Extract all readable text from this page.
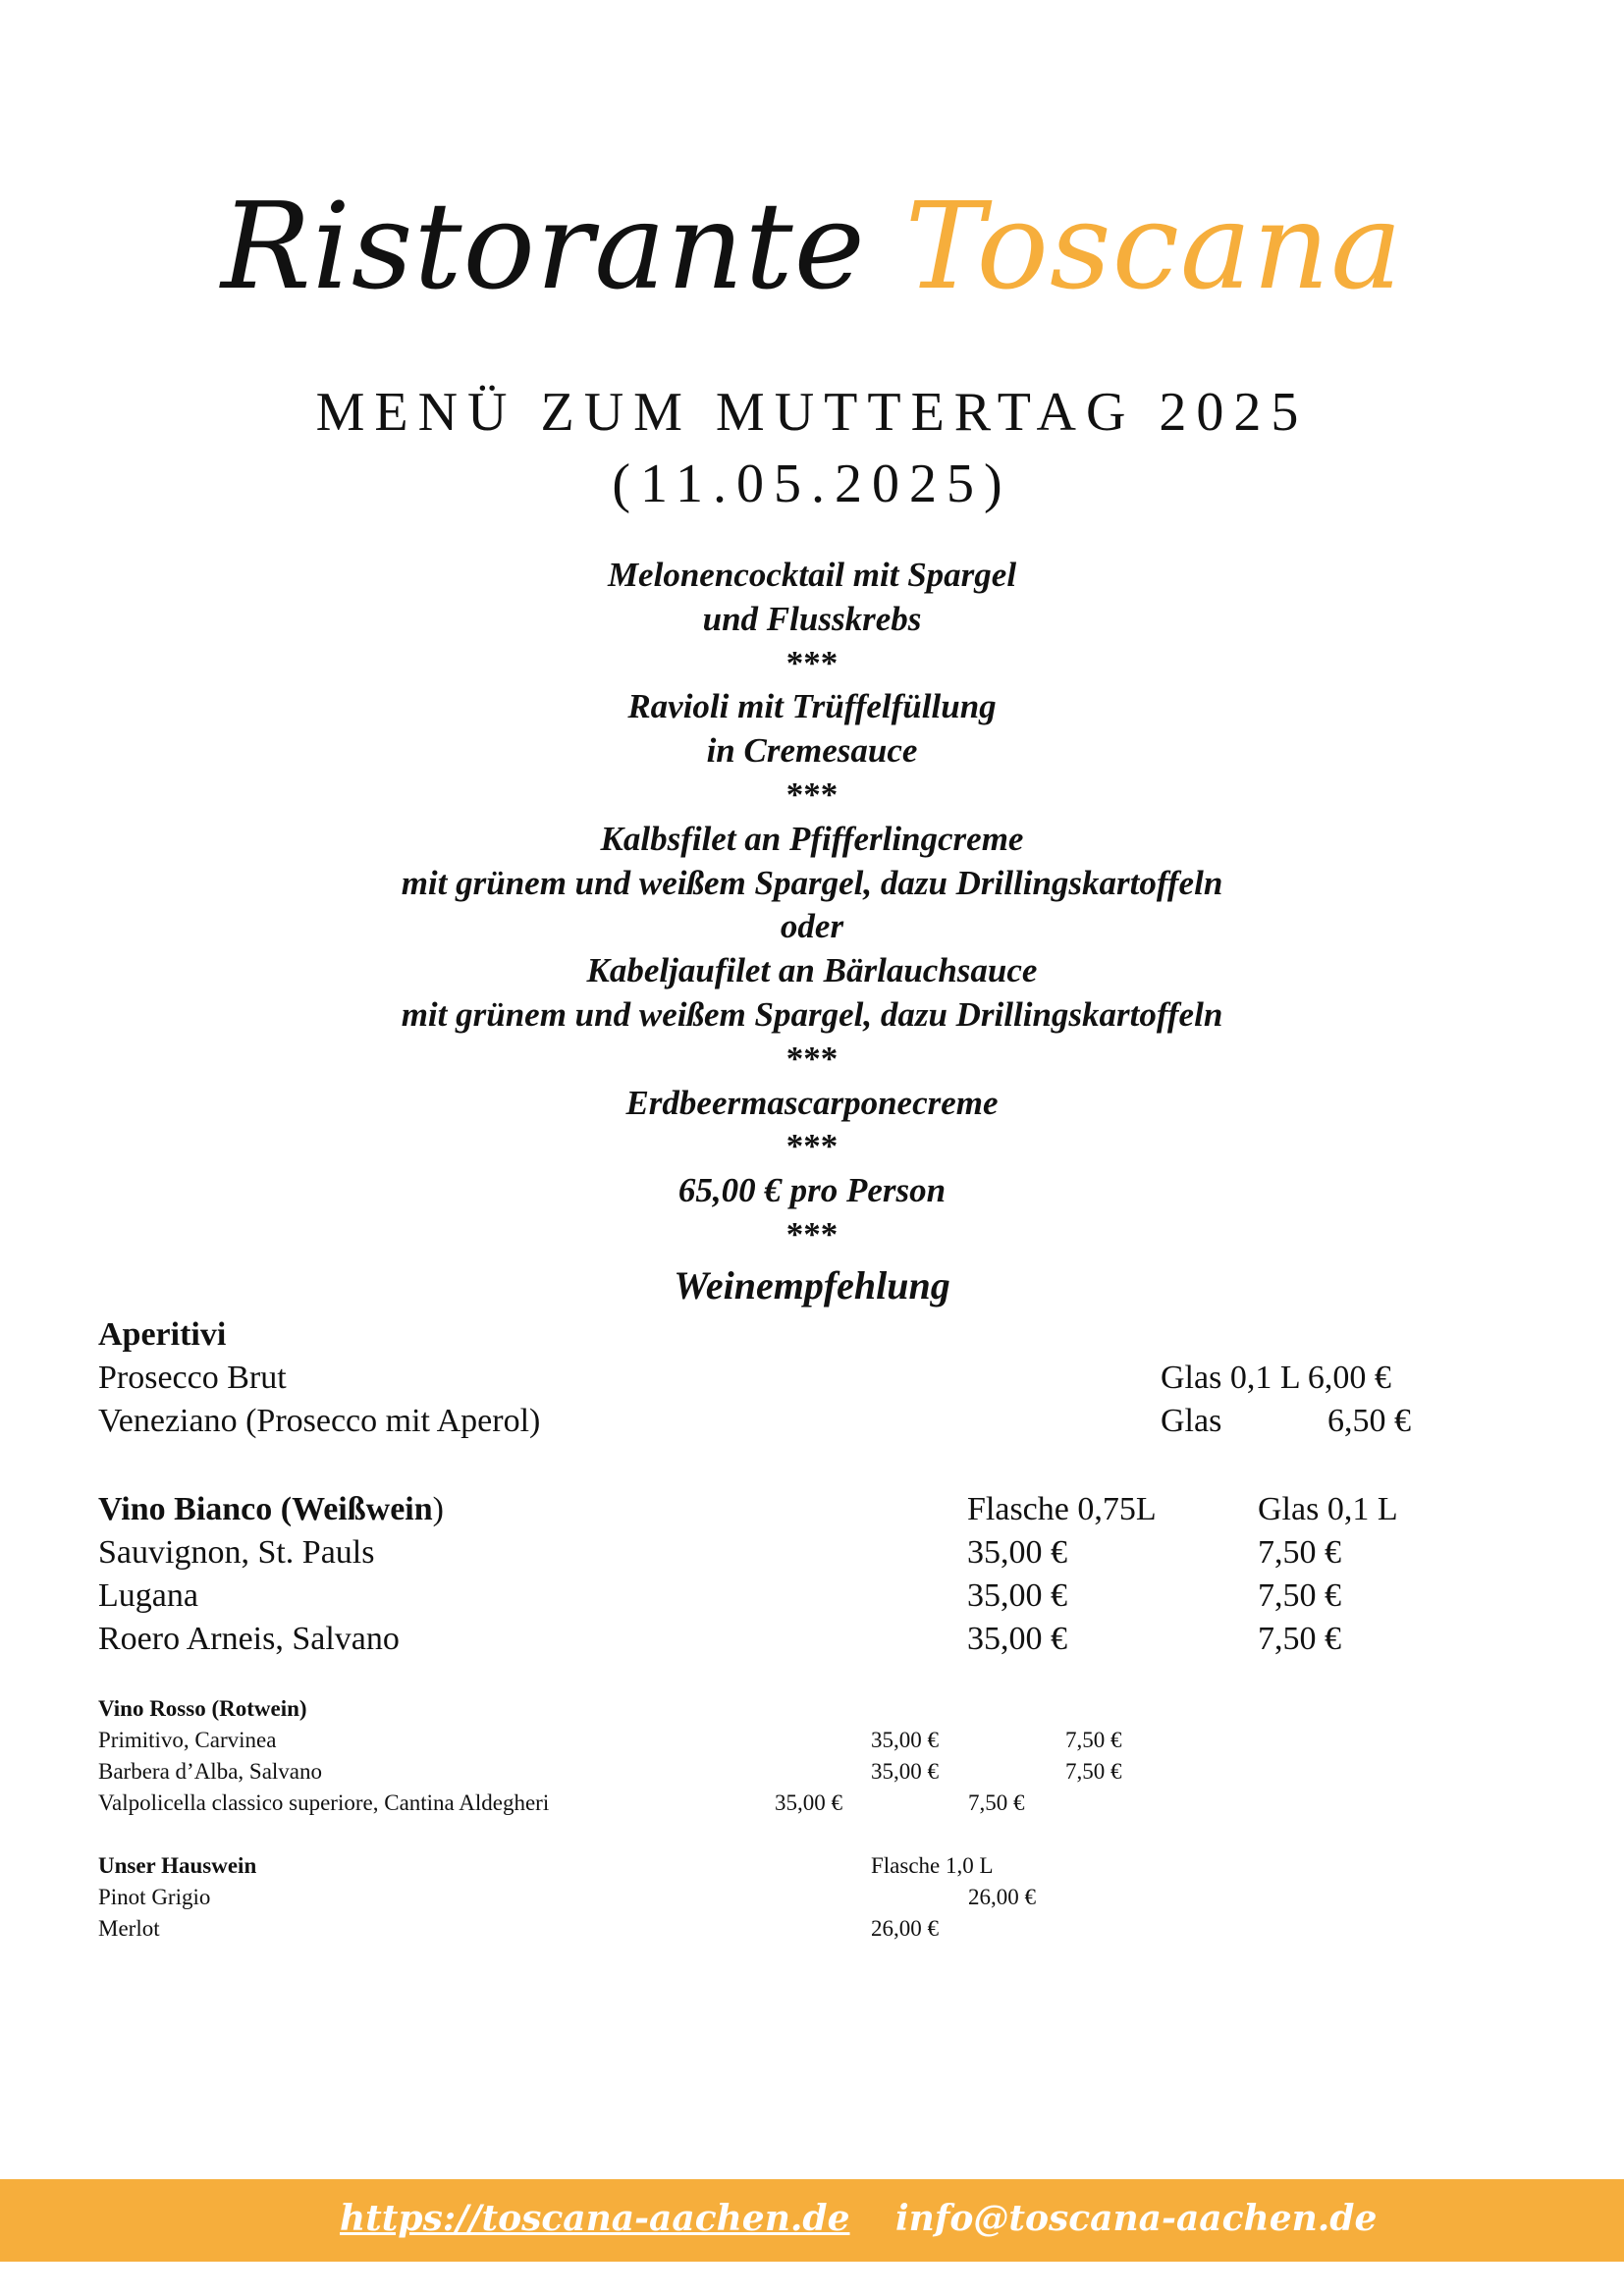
Ristorante Toscana
MENÜ ZUM MUTTERTAG 2025
(11.05.2025)
Melonencocktail mit Spargel
und Flusskrebs
***
Ravioli mit Trüffelfüllung
in Cremesauce
***
Kalbsfilet an Pfifferlingcreme
mit grünem und weißem Spargel, dazu Drillingskartoffeln
oder
Kabeljaufilet an Bärlauchsauce
mit grünem und weißem Spargel, dazu Drillingskartoffeln
***
Erdbeermascarponecreme
***
65,00 € pro Person
***
Weinempfehlung
Aperitivi
Prosecco Brut	Glas 0,1 L 6,00 €
Veneziano (Prosecco mit Aperol)	Glas	6,50 €
Vino Bianco (Weißwein)	Flasche 0,75L	Glas 0,1 L
Sauvignon, St. Pauls	35,00 €	7,50 €
Lugana	35,00 €	7,50 €
Roero Arneis, Salvano	35,00 €	7,50 €
Vino Rosso (Rotwein)
Primitivo, Carvinea	35,00 €	7,50 €
Barbera d’Alba, Salvano	35,00 €	7,50 €
Valpolicella classico superiore, Cantina Aldegheri	35,00 €	7,50 €
Unser Hauswein	Flasche 1,0 L
Pinot Grigio	26,00 €
Merlot	26,00 €
https://toscana-aachen.de info@toscana-aachen.de
